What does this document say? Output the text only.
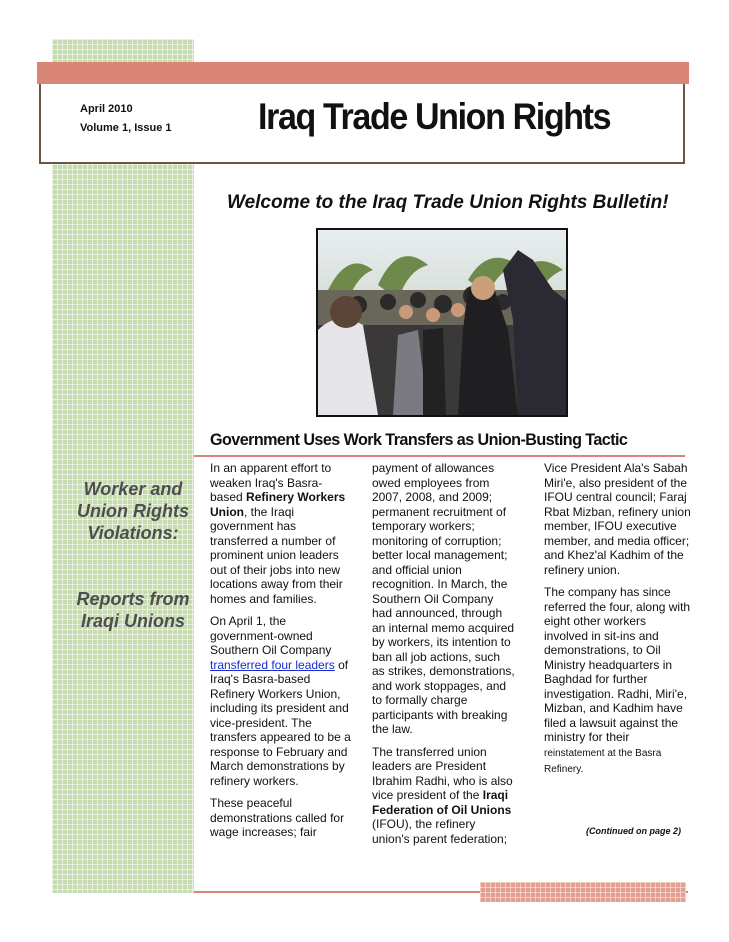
April 2010
Volume 1, Issue 1 Iraq Trade Union Rights
Welcome to the Iraq Trade Union Rights Bulletin!
Government Uses Work Transfers as Union-Busting Tactic
Worker and Union Rights Violations:
Reports from Iraqi Unions

In an apparent effort to weaken Iraq's Basra-based Refinery Workers Union, the Iraqi government has transferred a number of prominent union leaders out of their jobs into new locations away from their homes and families.

On April 1, the government-owned Southern Oil Company transferred four leaders of Iraq's Basra-based Refinery Workers Union, including its president and vice-president. The transfers appeared to be a response to February and March demonstrations by refinery workers.

These peaceful demonstrations called for wage increases; fair

payment of allowances owed employees from 2007, 2008, and 2009; permanent recruitment of temporary workers; monitoring of corruption; better local management; and official union recognition. In March, the Southern Oil Company had announced, through an internal memo acquired by workers, its intention to ban all job actions, such as strikes, demonstrations, and work stoppages, and to formally charge participants with breaking the law.

The transferred union leaders are President Ibrahim Radhi, who is also vice president of the Iraqi Federation of Oil Unions (IFOU), the refinery union's parent federation;

Vice President Ala's Sabah Miri'e, also president of the IFOU central council; Faraj Rbat Mizban, refinery union member, IFOU executive member, and media officer; and Khez'al Kadhim of the refinery union.

The company has since referred the four, along with eight other workers involved in sit-ins and demonstrations, to Oil Ministry headquarters in Baghdad for further investigation. Radhi, Miri'e, Mizban, and Kadhim have filed a lawsuit against the ministry for their reinstatement at the Basra Refinery.

(Continued on page 2)
